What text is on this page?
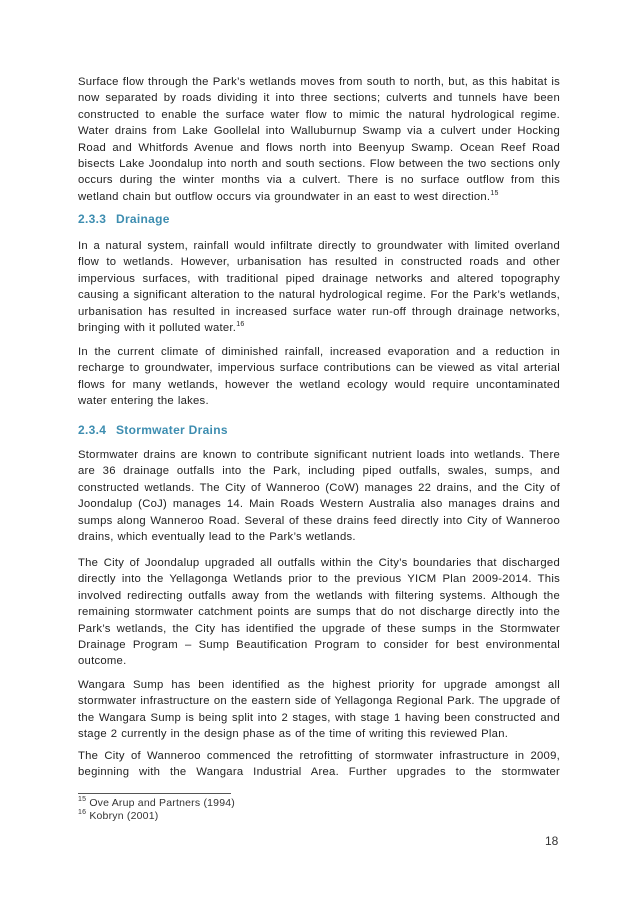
Surface flow through the Park’s wetlands moves from south to north, but, as this habitat is now separated by roads dividing it into three sections; culverts and tunnels have been constructed to enable the surface water flow to mimic the natural hydrological regime. Water drains from Lake Goollelal into Walluburnup Swamp via a culvert under Hocking Road and Whitfords Avenue and flows north into Beenyup Swamp. Ocean Reef Road bisects Lake Joondalup into north and south sections. Flow between the two sections only occurs during the winter months via a culvert. There is no surface outflow from this wetland chain but outflow occurs via groundwater in an east to west direction.$^{15}$
2.3.3 Drainage
In a natural system, rainfall would infiltrate directly to groundwater with limited overland flow to wetlands. However, urbanisation has resulted in constructed roads and other impervious surfaces, with traditional piped drainage networks and altered topography causing a significant alteration to the natural hydrological regime. For the Park’s wetlands, urbanisation has resulted in increased surface water run-off through drainage networks, bringing with it polluted water.$^{16}$
In the current climate of diminished rainfall, increased evaporation and a reduction in recharge to groundwater, impervious surface contributions can be viewed as vital arterial flows for many wetlands, however the wetland ecology would require uncontaminated water entering the lakes.
2.3.4 Stormwater Drains
Stormwater drains are known to contribute significant nutrient loads into wetlands. There are 36 drainage outfalls into the Park, including piped outfalls, swales, sumps, and constructed wetlands. The City of Wanneroo (CoW) manages 22 drains, and the City of Joondalup (CoJ) manages 14. Main Roads Western Australia also manages drains and sumps along Wanneroo Road. Several of these drains feed directly into City of Wanneroo drains, which eventually lead to the Park’s wetlands.
The City of Joondalup upgraded all outfalls within the City’s boundaries that discharged directly into the Yellagonga Wetlands prior to the previous YICM Plan 2009-2014. This involved redirecting outfalls away from the wetlands with filtering systems. Although the remaining stormwater catchment points are sumps that do not discharge directly into the Park’s wetlands, the City has identified the upgrade of these sumps in the Stormwater Drainage Program – Sump Beautification Program to consider for best environmental outcome.
Wangara Sump has been identified as the highest priority for upgrade amongst all stormwater infrastructure on the eastern side of Yellagonga Regional Park. The upgrade of the Wangara Sump is being split into 2 stages, with stage 1 having been constructed and stage 2 currently in the design phase as of the time of writing this reviewed Plan.
The City of Wanneroo commenced the retrofitting of stormwater infrastructure in 2009, beginning with the Wangara Industrial Area. Further upgrades to the stormwater
$^{15}$ Ove Arup and Partners (1994)
$^{16}$ Kobryn (2001)
18
